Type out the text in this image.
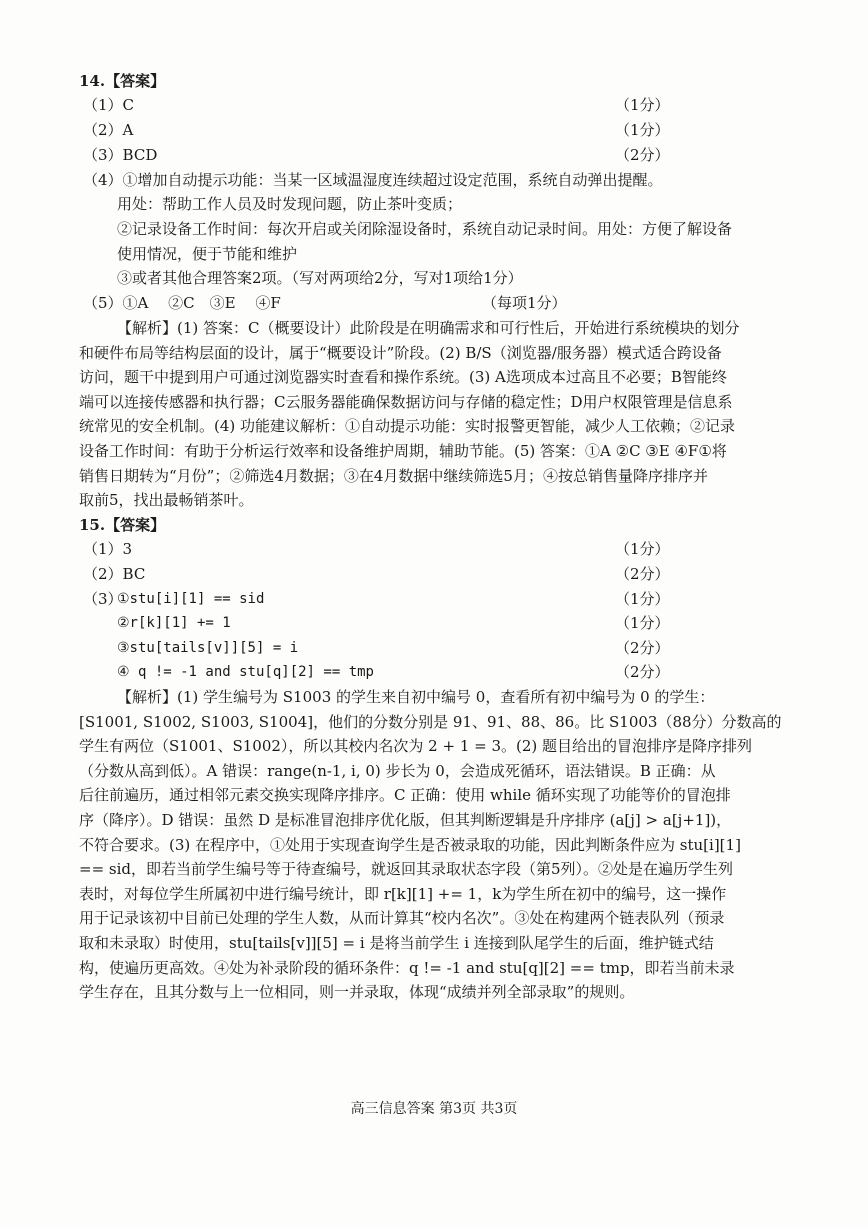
14.【答案】
（1）C	（1分）
（2）A	（1分）
（3）BCD	（2分）
（4）①增加自动提示功能：当某一区域温湿度连续超过设定范围，系统自动弹出提醒。
用处：帮助工作人员及时发现问题，防止茶叶变质；
②记录设备工作时间：每次开启或关闭除湿设备时，系统自动记录时间。用处：方便了解设备
使用情况，便于节能和维护
③或者其他合理答案2项。（写对两项给2分，写对1项给1分）
（5）①A　 ②C　③E　 ④F	（每项1分）
【解析】(1) 答案：C（概要设计）此阶段是在明确需求和可行性后，开始进行系统模块的划分
和硬件布局等结构层面的设计，属于“概要设计”阶段。(2) B/S（浏览器/服务器）模式适合跨设备
访问，题干中提到用户可通过浏览器实时查看和操作系统。(3) A选项成本过高且不必要；B智能终
端可以连接传感器和执行器；C云服务器能确保数据访问与存储的稳定性；D用户权限管理是信息系
统常见的安全机制。(4) 功能建议解析：①自动提示功能：实时报警更智能，减少人工依赖；②记录
设备工作时间：有助于分析运行效率和设备维护周期，辅助节能。(5) 答案：①A ②C ③E ④F①将
销售日期转为“月份”；②筛选4月数据；③在4月数据中继续筛选5月；④按总销售量降序排序并
取前5，找出最畅销茶叶。
15.【答案】
（1）3	（1分）
（2）BC	（2分）
（3）
①stu[i][1] == sid	（1分）
②r[k][1] += 1	（1分）
③stu[tails[v]][5] = i	（2分）
④ q != -1 and stu[q][2] == tmp	（2分）
【解析】(1) 学生编号为 S1003 的学生来自初中编号 0，查看所有初中编号为 0 的学生：
[S1001, S1002, S1003, S1004]，他们的分数分别是 91、91、88、86。比 S1003（88分）分数高的
学生有两位（S1001、S1002），所以其校内名次为 2 + 1 = 3。(2) 题目给出的冒泡排序是降序排列
（分数从高到低）。A 错误：range(n-1, i, 0) 步长为 0，会造成死循环，语法错误。B 正确：从
后往前遍历，通过相邻元素交换实现降序排序。C 正确：使用 while 循环实现了功能等价的冒泡排
序（降序）。D 错误：虽然 D 是标准冒泡排序优化版，但其判断逻辑是升序排序 (a[j] > a[j+1])，
不符合要求。(3) 在程序中，①处用于实现查询学生是否被录取的功能，因此判断条件应为 stu[i][1]
== sid，即若当前学生编号等于待查编号，就返回其录取状态字段（第5列）。②处是在遍历学生列
表时，对每位学生所属初中进行编号统计，即 r[k][1] += 1，k为学生所在初中的编号，这一操作
用于记录该初中目前已处理的学生人数，从而计算其“校内名次”。③处在构建两个链表队列（预录
取和未录取）时使用，stu[tails[v]][5] = i 是将当前学生 i 连接到队尾学生的后面，维护链式结
构，使遍历更高效。④处为补录阶段的循环条件：q != -1 and stu[q][2] == tmp，即若当前未录
学生存在，且其分数与上一位相同，则一并录取，体现“成绩并列全部录取”的规则。
高三信息答案 第3页 共3页
